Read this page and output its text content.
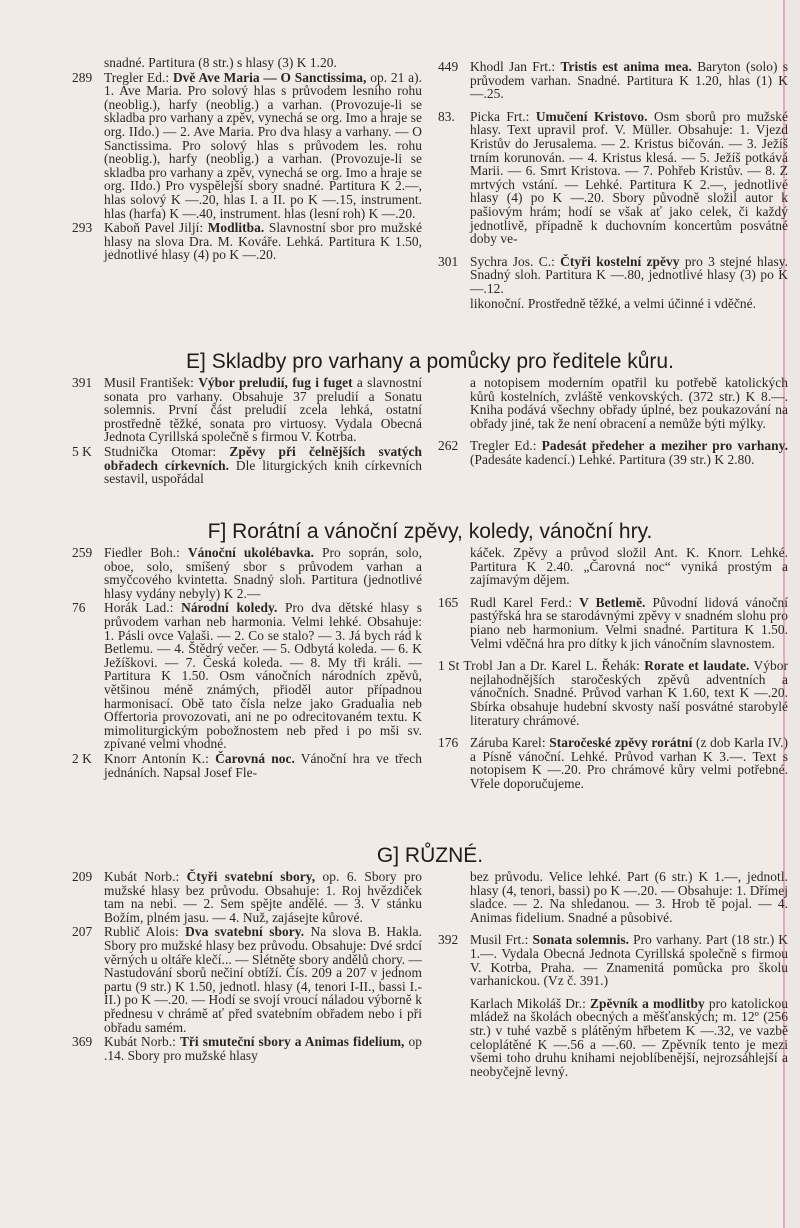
snadné. Partitura (8 str.) s hlasy (3) K 1.20.

289 Tregler Ed.: Dvě Ave Maria — O Sanctissima, op. 21 a). 1. Ave Maria. Pro solový hlas s průvodem lesního rohu (neoblig.), harfy (neoblig.) a varhan. (Provozuje-li se skladba pro varhany a zpěv, vynechá se org. Imo a hraje se org. IIdo.) — 2. Ave Maria. Pro dva hlasy a varhany. — O Sanctissima. Pro solový hlas s průvodem les. rohu (neoblig.), harfy (neoblig.) a varhan. (Provozuje-li se skladba pro varhany a zpěv, vynechá se org. Imo a hraje se org. IIdo.) Pro vyspělejší sbory snadné. Partitura K 2.—, hlas solový K —.20, hlas I. a II. po K —.15, instrument. hlas (harfa) K —.40, instrument. hlas (lesní roh) K —.20.

293 Kaboň Pavel Jiljí: Modlitba. Slavnostní sbor pro mužské hlasy na slova Dra. M. Kováře. Lehká. Partitura K 1.50, jednotlivé hlasy (4) po K —.20.

449 Khodl Jan Frt.: Tristis est anima mea. Baryton (solo) s průvodem varhan. Snadné. Partitura K 1.20, hlas (1) K —.25.

83. Picka Frt.: Umučení Kristovo. Osm sborů pro mužské hlasy. Text upravil prof. V. Müller. Obsahuje: 1. Vjezd Kristův do Jerusalema. — 2. Kristus bičován. — 3. Ježíš trním korunován. — 4. Kristus klesá. — 5. Ježíš potkává Marii. — 6. Smrt Kristova. — 7. Pohřeb Kristův. — 8. Z mrtvých vstání. — Lehké. Partitura K 2.—, jednotlivé hlasy (4) po K —.20. Sbory původně složil autor k pašiovým hrám; hodí se však ať jako celek, či každý jednotlivě, případně k duchovním koncertům posvátné doby ve-

301 Sychra Jos. C.: Čtyři kostelní zpěvy pro 3 stejné hlasy. Snadný sloh. Partitura K —.80, jednotlivé hlasy (3) po K —.12.

likonoční. Prostředně těžké, a velmi účinné i vděčné.

E] Skladby pro varhany a pomůcky pro ředitele kůru.

391 Musil František: Výbor preludií, fug i fuget a slavnostní sonata pro varhany. Obsahuje 37 preludií a Sonatu solemnis. První část preludií zcela lehká, ostatní prostředně těžké, sonata pro virtuosy. Vydala Obecná Jednota Cyrillská společně s firmou V. Kotrba.

5 K Studnička Otomar: Zpěvy při čelnějších svatých obřadech církevních. Dle liturgických knih církevních sestavil, uspořádal

a notopisem moderním opatřil ku potřebě katolických kůrů kostelních, zvláště venkovských. (372 str.) K 8.—. Kniha podává všechny obřady úplné, bez poukazování na obřady jiné, tak že není obracení a nemůže býti mýlky.

262 Tregler Ed.: Padesát předeher a meziher pro varhany. (Padesáte kadencí.) Lehké. Partitura (39 str.) K 2.80.

F] Rorátní a vánoční zpěvy, koledy, vánoční hry.

259 Fiedler Boh.: Vánoční ukolébavka. Pro soprán, solo, oboe, solo, smíšený sbor s průvodem varhan a smyčcového kvintetta. Snadný sloh. Partitura (jednotlivé hlasy vydány nebyly) K 2.—

76 Horák Lad.: Národní koledy. Pro dva dětské hlasy s průvodem varhan neb harmonia. Velmi lehké. Obsahuje: 1. Pásli ovce Valaši. — 2. Co se stalo? — 3. Já bych rád k Betlemu. — 4. Štědrý večer. — 5. Odbytá koleda. — 6. K Ježíškovi. — 7. Česká koleda. — 8. My tři králi. — Partitura K 1.50. Osm vánočních národních zpěvů, většinou méně známých, přioděl autor případnou harmonisací. Obě tato čísla nelze jako Gradualia neb Offertoria provozovati, ani ne po odrecitovaném textu. K mimoliturgickým pobožnostem neb před i po mši sv. zpívané velmi vhodné.

2 K Knorr Antonín K.: Čarovná noc. Vánoční hra ve třech jednáních. Napsal Josef Fle-

káček. Zpěvy a průvod složil Ant. K. Knorr. Lehké. Partitura K 2.40. „Čarovná noc“ vyniká prostým a zajímavým dějem.

165 Rudl Karel Ferd.: V Betlemě. Původní lidová vánoční pastýřská hra se starodávnými zpěvy v snadném slohu pro piano neb harmonium. Velmi snadné. Partitura K 1.50. Velmi vděčná hra pro dítky k jich vánočním slavnostem.

1 St Trobl Jan a Dr. Karel L. Řehák: Rorate et laudate. Výbor nejlahodnějších staročeských zpěvů adventních a vánočních. Snadné. Průvod varhan K 1.60, text K —.20. Sbírka obsahuje hudební skvosty naší posvátné starobylé literatury chrámové.

176 Záruba Karel: Staročeské zpěvy rorátní (z dob Karla IV.) a Písně vánoční. Lehké. Průvod varhan K 3.—. Text s notopisem K —.20. Pro chrámové kůry velmi potřebné. Vřele doporučujeme.

G] RŮZNÉ.

209 Kubát Norb.: Čtyři svatební sbory, op. 6. Sbory pro mužské hlasy bez průvodu. Obsahuje: 1. Roj hvězdiček tam na nebi. — 2. Sem spějte andělé. — 3. V stánku Božím, plném jasu. — 4. Nuž, zajásejte kůrové.

207 Rublič Alois: Dva svatební sbory. Na slova B. Hakla. Sbory pro mužské hlasy bez průvodu. Obsahuje: Dvé srdcí věrných u oltáře klečí... — Slétněte sbory andělů chory. — Nastudování sborů nečiní obtíží. Čís. 209 a 207 v jednom partu (9 str.) K 1.50, jednotl. hlasy (4, tenori I-II., bassi I.-II.) po K —.20. — Hodí se svojí vroucí náladou výborně k přednesu v chrámě ať před svatebním obřadem nebo i při obřadu samém.

369 Kubát Norb.: Tři smuteční sbory a Animas fidelium, op .14. Sbory pro mužské hlasy

bez průvodu. Velice lehké. Part (6 str.) K 1.—, jednotl. hlasy (4, tenori, bassi) po K —.20. — Obsahuje: 1. Dřímej sladce. — 2. Na shledanou. — 3. Hrob tě pojal. — 4. Animas fidelium. Snadné a působivé.

392 Musil Frt.: Sonata solemnis. Pro varhany. Part (18 str.) K 1.—. Vydala Obecná Jednota Cyrillská společně s firmou V. Kotrba, Praha. — Znamenitá pomůcka pro školu varhanickou. (Vz č. 391.)

Karlach Mikoláš Dr.: Zpěvník a modlitby pro katolickou mládež na školách obecných a měšťanských; m. 12º (256 str.) v tuhé vazbě s plátěným hřbetem K —.32, ve vazbě celoplátěné K —.56 a —.60. — Zpěvník tento je mezi všemi toho druhu knihami nejoblíbenější, nejrozsáhlejší a neobyčejně levný.
